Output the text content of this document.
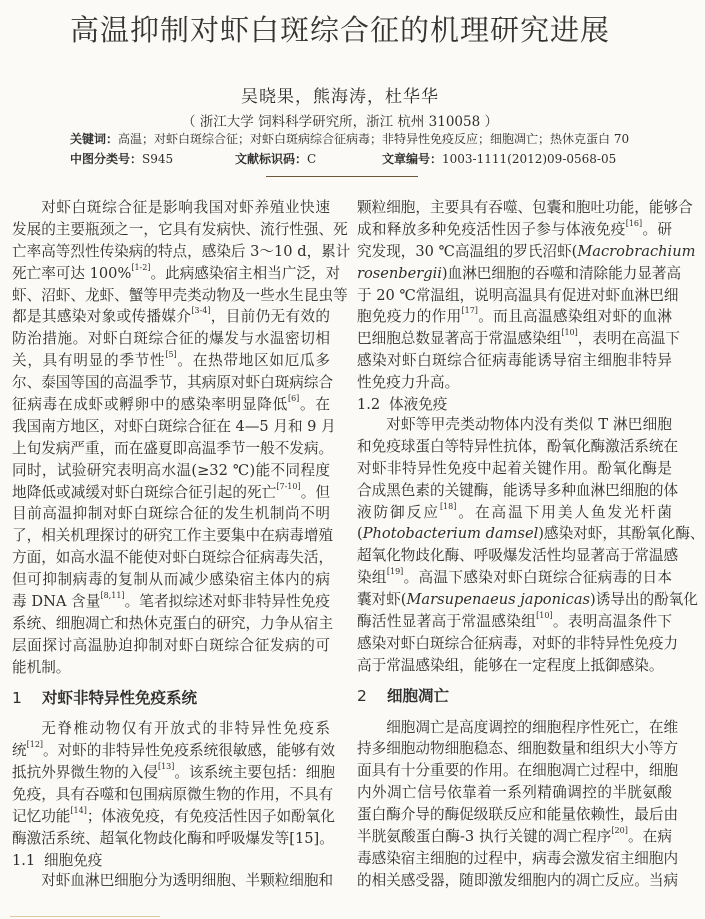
高温抑制对虾白斑综合征的机理研究进展
吴晓果，熊海涛，杜华华
（ 浙江大学 饲料科学研究所，浙江 杭州 310058 ）
关键词：高温；对虾白斑综合征；对虾白斑病综合征病毒；非特异性免疫反应；细胞凋亡；热休克蛋白 70
中图分类号：S945	文献标识码：C	文章编号：1003-1111(2012)09-0568-05
对虾白斑综合征是影响我国对虾养殖业快速
发展的主要瓶颈之一，它具有发病快、流行性强、死
亡率高等烈性传染病的特点，感染后 3～10 d，累计
死亡率可达 100%[1-2]。此病感染宿主相当广泛，对
虾、沼虾、龙虾、蟹等甲壳类动物及一些水生昆虫等
都是其感染对象或传播媒介[3-4]，目前仍无有效的
防治措施。对虾白斑综合征的爆发与水温密切相
关，具有明显的季节性[5]。在热带地区如厄瓜多
尔、泰国等国的高温季节，其病原对虾白斑病综合
征病毒在成虾或孵卵中的感染率明显降低[6]。在
我国南方地区，对虾白斑综合征在 4—5 月和 9 月
上旬发病严重，而在盛夏即高温季节一般不发病。
同时，试验研究表明高水温(≥32 ℃)能不同程度
地降低或减缓对虾白斑综合征引起的死亡[7-10]。但
目前高温抑制对虾白斑综合征的发生机制尚不明
了，相关机理探讨的研究工作主要集中在病毒增殖
方面，如高水温不能使对虾白斑综合征病毒失活，
但可抑制病毒的复制从而减少感染宿主体内的病
毒 DNA 含量[8,11]。笔者拟综述对虾非特异性免疫
系统、细胞凋亡和热休克蛋白的研究，力争从宿主
层面探讨高温胁迫抑制对虾白斑综合征发病的可
能机制。
1 对虾非特异性免疫系统
无脊椎动物仅有开放式的非特异性免疫系
统[12]。对虾的非特异性免疫系统很敏感，能够有效
抵抗外界微生物的入侵[13]。该系统主要包括：细胞
免疫，具有吞噬和包围病原微生物的作用，不具有
记忆功能[14]；体液免疫，有免疫活性因子如酚氧化
酶激活系统、超氧化物歧化酶和呼吸爆发等[15]。
1.1 细胞免疫
对虾血淋巴细胞分为透明细胞、半颗粒细胞和
颗粒细胞，主要具有吞噬、包囊和胞吐功能，能够合
成和释放多种免疫活性因子参与体液免疫[16]。研
究发现，30 ℃高温组的罗氏沼虾(Macrobrachium
rosenbergii)血淋巴细胞的吞噬和清除能力显著高
于 20 ℃常温组，说明高温具有促进对虾血淋巴细
胞免疫力的作用[17]。而且高温感染组对虾的血淋
巴细胞总数显著高于常温感染组[10]，表明在高温下
感染对虾白斑综合征病毒能诱导宿主细胞非特异
性免疫力升高。
1.2 体液免疫
对虾等甲壳类动物体内没有类似 T 淋巴细胞
和免疫球蛋白等特异性抗体，酚氧化酶激活系统在
对虾非特异性免疫中起着关键作用。酚氧化酶是
合成黑色素的关键酶，能诱导多种血淋巴细胞的体
液防御反应[18]。在高温下用美人鱼发光杆菌
(Photobacterium damsel)感染对虾，其酚氧化酶、
超氧化物歧化酶、呼吸爆发活性均显著高于常温感
染组[19]。高温下感染对虾白斑综合征病毒的日本
囊对虾(Marsupenaeus japonicas)诱导出的酚氧化
酶活性显著高于常温感染组[10]。表明高温条件下
感染对虾白斑综合征病毒，对虾的非特异性免疫力
高于常温感染组，能够在一定程度上抵御感染。
2 细胞凋亡
细胞凋亡是高度调控的细胞程序性死亡，在维
持多细胞动物细胞稳态、细胞数量和组织大小等方
面具有十分重要的作用。在细胞凋亡过程中，细胞
内外凋亡信号依靠着一系列精确调控的半胱氨酸
蛋白酶介导的酶促级联反应和能量依赖性，最后由
半胱氨酸蛋白酶-3 执行关键的凋亡程序[20]。在病
毒感染宿主细胞的过程中，病毒会激发宿主细胞内
的相关感受器，随即激发细胞内的凋亡反应。当病
